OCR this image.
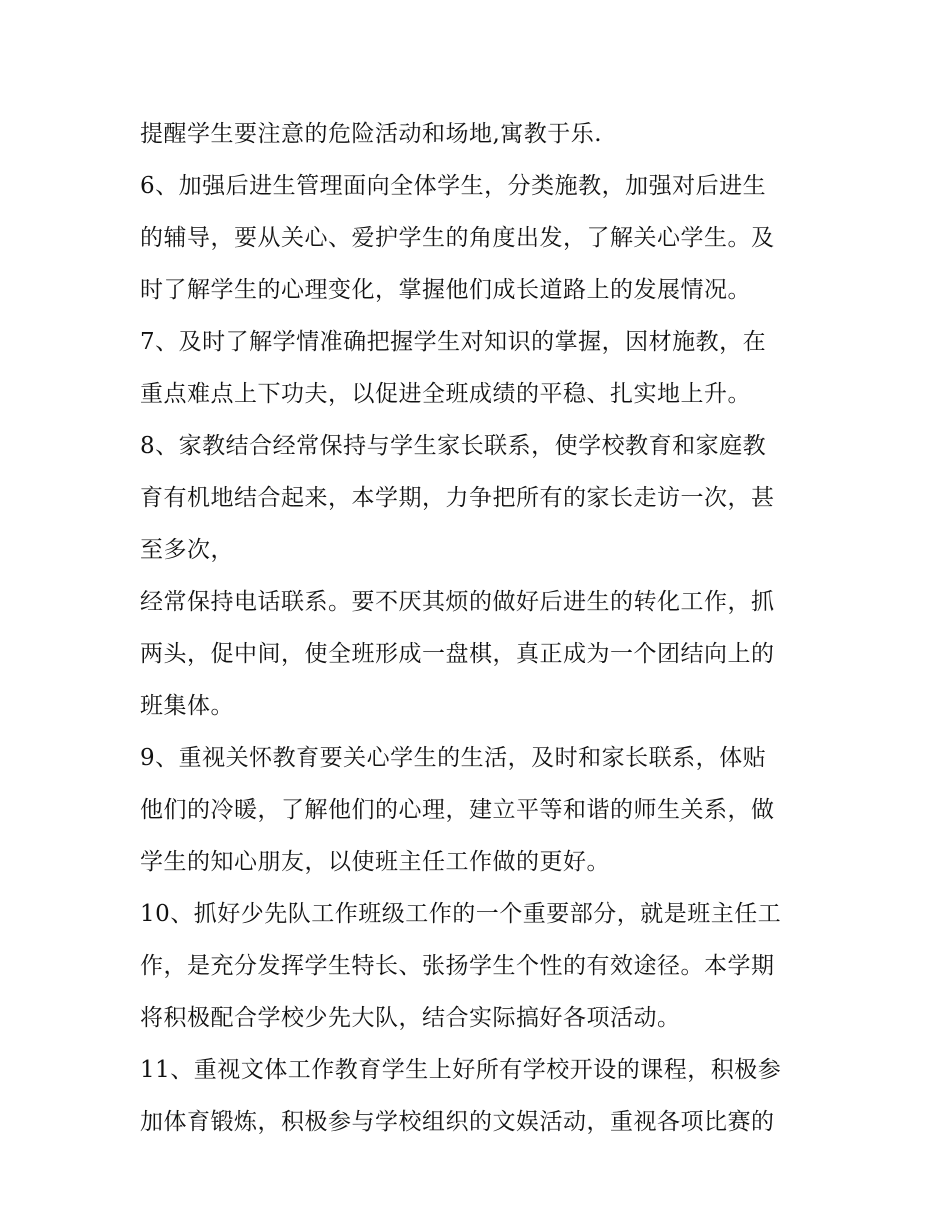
提醒学生要注意的危险活动和场地,寓教于乐.
6、加强后进生管理面向全体学生，分类施教，加强对后进生
的辅导，要从关心、爱护学生的角度出发，了解关心学生。及
时了解学生的心理变化，掌握他们成长道路上的发展情况。
7、及时了解学情准确把握学生对知识的掌握，因材施教，在
重点难点上下功夫，以促进全班成绩的平稳、扎实地上升。
8、家教结合经常保持与学生家长联系，使学校教育和家庭教
育有机地结合起来，本学期，力争把所有的家长走访一次，甚
至多次，
经常保持电话联系。要不厌其烦的做好后进生的转化工作，抓
两头，促中间，使全班形成一盘棋，真正成为一个团结向上的
班集体。
9、重视关怀教育要关心学生的生活，及时和家长联系，体贴
他们的冷暖，了解他们的心理，建立平等和谐的师生关系，做
学生的知心朋友，以使班主任工作做的更好。
10、抓好少先队工作班级工作的一个重要部分，就是班主任工
作，是充分发挥学生特长、张扬学生个性的有效途径。本学期
将积极配合学校少先大队，结合实际搞好各项活动。
11、重视文体工作教育学生上好所有学校开设的课程，积极参
加体育锻炼，积极参与学校组织的文娱活动，重视各项比赛的
